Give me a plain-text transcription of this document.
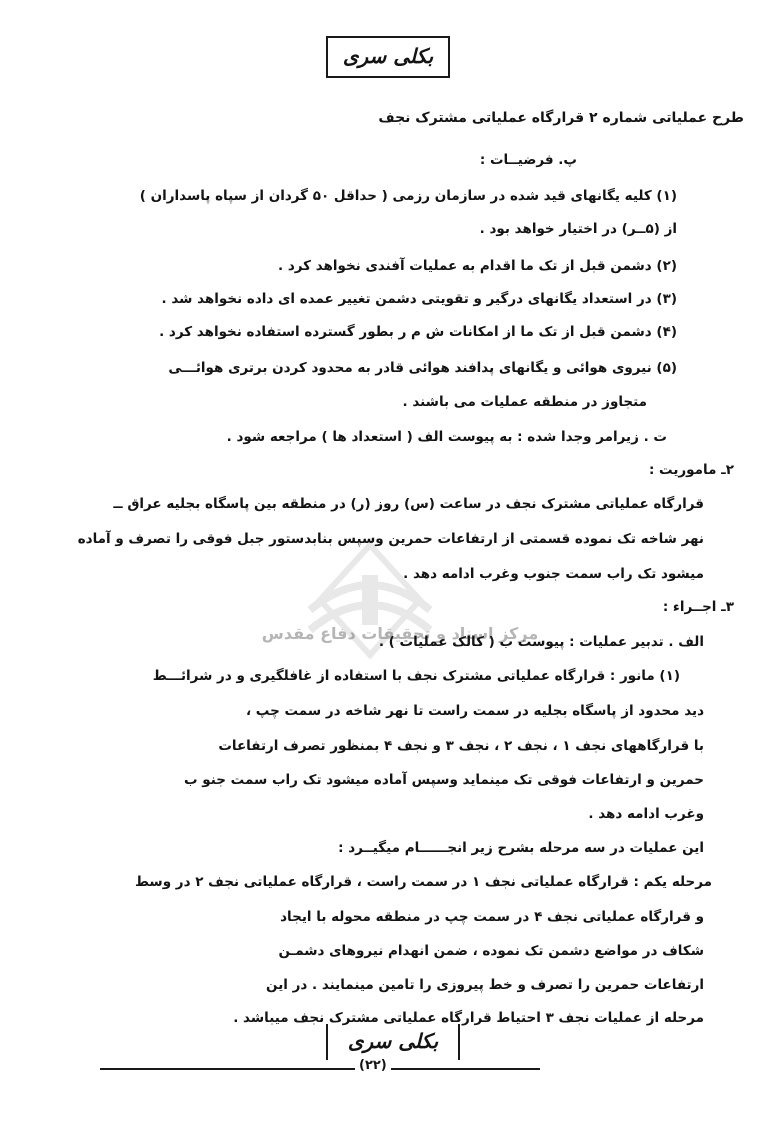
بکلی سری
طرح عملیاتی شماره ۲ قرارگاه عملیاتی مشترک نجف
مرکز اسناد و تحقیقات دفاع مقدس
پ. فرضیــات :
(۱) کلیه یگانهای قید شده در سازمان رزمی ( حداقل ۵۰ گردان از سپاه پاسداران )
از (۵ــر) در اختیار خواهد بود .
(۲) دشمن قبل از تک ما اقدام به عملیات آفندی نخواهد کرد .
(۳) در استعداد یگانهای درگیر و تقویتی دشمن تغییر عمده ای داده نخواهد شد .
(۴) دشمن قبل از تک ما از امکانات ش م ر بطور گسترده استفاده نخواهد کرد .
(۵) نیروی هوائی و یگانهای پدافند هوائی قادر به محدود کردن برتری هوائـــی
متجاوز در منطقه عملیات می باشند .
ت . زیرامر وجدا شده : به پیوست الف ( استعداد ها ) مراجعه شود .
۲ـ ماموریت :
قرارگاه عملیاتی مشترک نجف در ساعت (س) روز (ر) در منطقه بین پاسگاه بجلیه عراق ــ
نهر شاخه تک نموده قسمتی از ارتفاعات حمرین وسپس بنابدستور جبل فوقی را تصرف و آماده
میشود تک راب سمت جنوب وغرب ادامه دهد .
۳ـ اجــراء :
الف . تدبیر عملیات : پیوست ب ( کالک عملیات ) .
(۱) مانور : قرارگاه عملیاتی مشترک نجف با استفاده از غافلگیری و در شرائـــط
دید محدود از پاسگاه بجلیه در سمت راست تا نهر شاخه در سمت چپ ،
با قرارگاههای نجف ۱ ، نجف ۲ ، نجف ۳ و نجف ۴ بمنظور تصرف ارتفاعات
حمرین و ارتفاعات فوقی تک مینماید وسپس آماده میشود تک راب سمت جنو ب
وغرب ادامه دهد .
این عملیات در سه مرحله بشرح زیر انجــــــام میگیــرد :
مرحله یکم : قرارگاه عملیاتی نجف ۱ در سمت راست ، قرارگاه عملیاتی نجف ۲ در وسط
و قرارگاه عملیاتی نجف ۴ در سمت چپ در منطقه محوله با ایجاد
شکاف در مواضع دشمن تک نموده ، ضمن انهدام نیروهای دشمـن
ارتفاعات حمرین را تصرف و خط پیروزی را تامین مینمایند . در این
مرحله از عملیات نجف ۳ احتیاط قرارگاه عملیاتی مشترک نجف میباشد .
بکلی سری
(۲۲)
